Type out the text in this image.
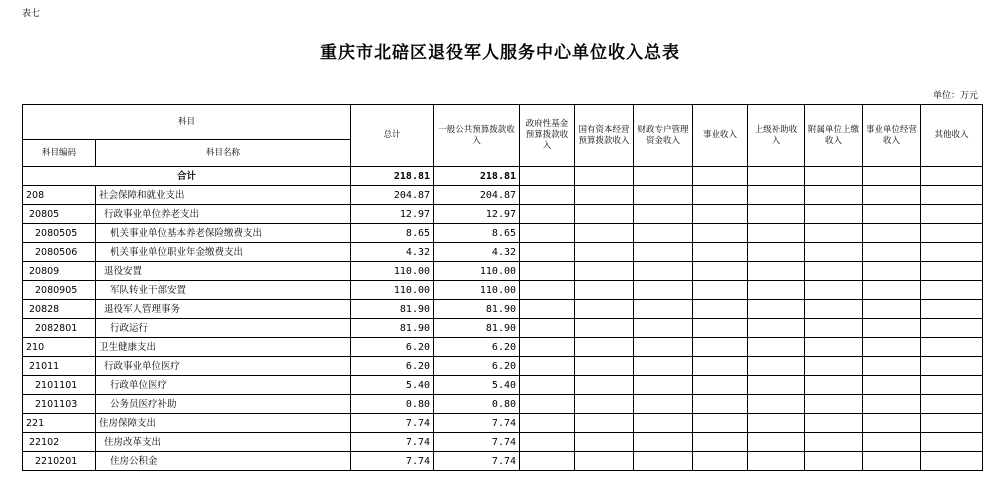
表七
重庆市北碚区退役军人服务中心单位收入总表
单位：万元
科目		总计	一般公共预算拨款收入	政府性基金预算拨款收入	国有资本经营预算拨款收入	财政专户管理资金收入	事业收入	上级补助收入	附属单位上缴收入	事业单位经营收入	其他收入
科目编码	科目名称										
合计		218.81	218.81								
208	社会保障和就业支出	204.87	204.87								
20805	行政事业单位养老支出	12.97	12.97								
2080505	机关事业单位基本养老保险缴费支出	8.65	8.65								
2080506	机关事业单位职业年金缴费支出	4.32	4.32								
20809	退役安置	110.00	110.00								
2080905	军队转业干部安置	110.00	110.00								
20828	退役军人管理事务	81.90	81.90								
2082801	行政运行	81.90	81.90								
210	卫生健康支出	6.20	6.20								
21011	行政事业单位医疗	6.20	6.20								
2101101	行政单位医疗	5.40	5.40								
2101103	公务员医疗补助	0.80	0.80								
221	住房保障支出	7.74	7.74								
22102	住房改革支出	7.74	7.74								
2210201	住房公积金	7.74	7.74								
